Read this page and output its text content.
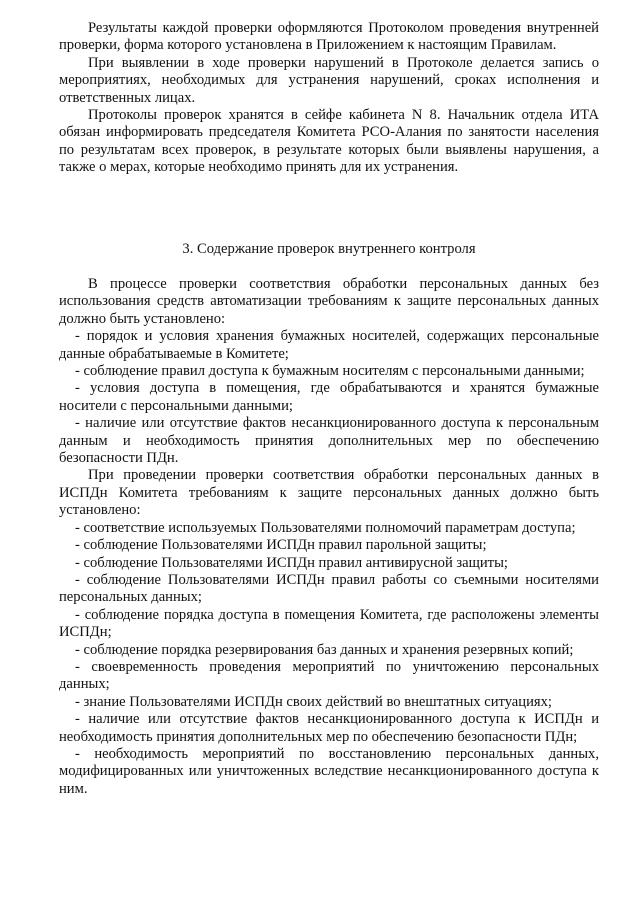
Результаты каждой проверки оформляются Протоколом проведения внутренней проверки, форма которого установлена в Приложением к настоящим Правилам.

При выявлении в ходе проверки нарушений в Протоколе делается запись о мероприятиях, необходимых для устранения нарушений, сроках исполнения и ответственных лицах.

Протоколы проверок хранятся в сейфе кабинета N 8. Начальник отдела ИТА обязан информировать председателя Комитета РСО-Алания по занятости населения по результатам всех проверок, в результате которых были выявлены нарушения, а также о мерах, которые необходимо принять для их устранения.

3. Содержание проверок внутреннего контроля

В процессе проверки соответствия обработки персональных данных без использования средств автоматизации требованиям к защите персональных данных должно быть установлено:

- порядок и условия хранения бумажных носителей, содержащих персональные данные обрабатываемые в Комитете;

- соблюдение правил доступа к бумажным носителям с персональными данными;

- условия доступа в помещения, где обрабатываются и хранятся бумажные носители с персональными данными;

- наличие или отсутствие фактов несанкционированного доступа к персональным данным и необходимость принятия дополнительных мер по обеспечению безопасности ПДн.

При проведении проверки соответствия обработки персональных данных в ИСПДн Комитета требованиям к защите персональных данных должно быть установлено:

- соответствие используемых Пользователями полномочий параметрам доступа;

- соблюдение Пользователями ИСПДн правил парольной защиты;

- соблюдение Пользователями ИСПДн правил антивирусной защиты;

- соблюдение Пользователями ИСПДн правил работы со съемными носителями персональных данных;

- соблюдение порядка доступа в помещения Комитета, где расположены элементы ИСПДн;

- соблюдение порядка резервирования баз данных и хранения резервных копий;

- своевременность проведения мероприятий по уничтожению персональных данных;

- знание Пользователями ИСПДн своих действий во внештатных ситуациях;

- наличие или отсутствие фактов несанкционированного доступа к ИСПДн и необходимость принятия дополнительных мер по обеспечению безопасности ПДн;

- необходимость мероприятий по восстановлению персональных данных, модифицированных или уничтоженных вследствие несанкционированного доступа к ним.
